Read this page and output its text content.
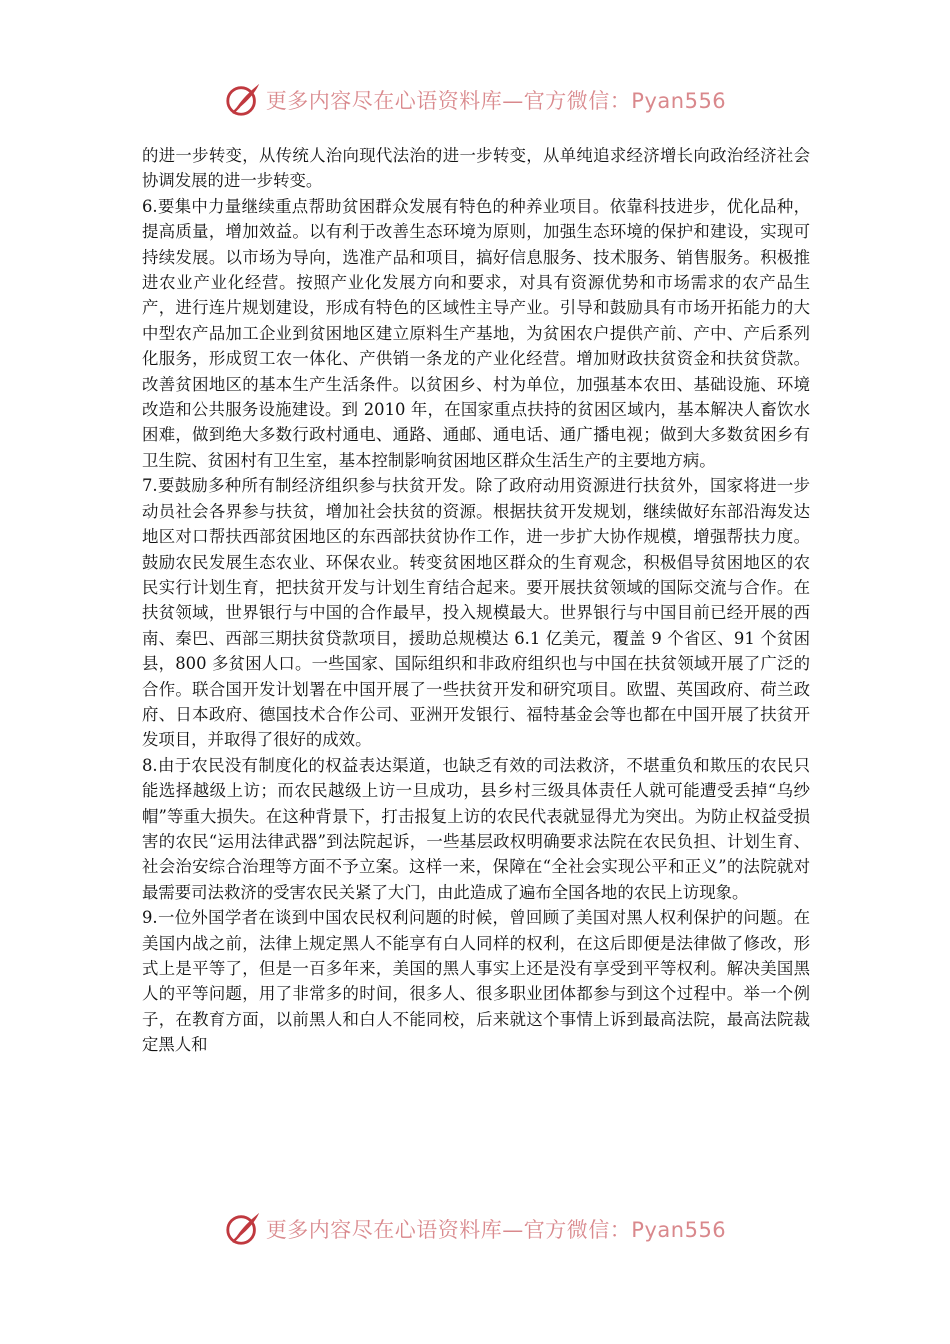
更多内容尽在心语资料库—官方微信：Pyan556

的进一步转变，从传统人治向现代法治的进一步转变，从单纯追求经济增长向政治经济社会协调发展的进一步转变。

6.要集中力量继续重点帮助贫困群众发展有特色的种养业项目。依靠科技进步，优化品种，提高质量，增加效益。以有利于改善生态环境为原则，加强生态环境的保护和建设，实现可持续发展。以市场为导向，选准产品和项目，搞好信息服务、技术服务、销售服务。积极推进农业产业化经营。按照产业化发展方向和要求，对具有资源优势和市场需求的农产品生产，进行连片规划建设，形成有特色的区域性主导产业。引导和鼓励具有市场开拓能力的大中型农产品加工企业到贫困地区建立原料生产基地，为贫困农户提供产前、产中、产后系列化服务，形成贸工农一体化、产供销一条龙的产业化经营。增加财政扶贫资金和扶贫贷款。改善贫困地区的基本生产生活条件。以贫困乡、村为单位，加强基本农田、基础设施、环境改造和公共服务设施建设。到 2010 年，在国家重点扶持的贫困区域内，基本解决人畜饮水困难，做到绝大多数行政村通电、通路、通邮、通电话、通广播电视；做到大多数贫困乡有卫生院、贫困村有卫生室，基本控制影响贫困地区群众生活生产的主要地方病。

7.要鼓励多种所有制经济组织参与扶贫开发。除了政府动用资源进行扶贫外，国家将进一步动员社会各界参与扶贫，增加社会扶贫的资源。根据扶贫开发规划，继续做好东部沿海发达地区对口帮扶西部贫困地区的东西部扶贫协作工作，进一步扩大协作规模，增强帮扶力度。鼓励农民发展生态农业、环保农业。转变贫困地区群众的生育观念，积极倡导贫困地区的农民实行计划生育，把扶贫开发与计划生育结合起来。要开展扶贫领域的国际交流与合作。在扶贫领域，世界银行与中国的合作最早，投入规模最大。世界银行与中国目前已经开展的西南、秦巴、西部三期扶贫贷款项目，援助总规模达 6.1 亿美元，覆盖 9 个省区、91 个贫困县，800 多贫困人口。一些国家、国际组织和非政府组织也与中国在扶贫领域开展了广泛的合作。联合国开发计划署在中国开展了一些扶贫开发和研究项目。欧盟、英国政府、荷兰政府、日本政府、德国技术合作公司、亚洲开发银行、福特基金会等也都在中国开展了扶贫开发项目，并取得了很好的成效。

8.由于农民没有制度化的权益表达渠道，也缺乏有效的司法救济，不堪重负和欺压的农民只能选择越级上访；而农民越级上访一旦成功，县乡村三级具体责任人就可能遭受丢掉“乌纱帽”等重大损失。在这种背景下，打击报复上访的农民代表就显得尤为突出。为防止权益受损害的农民“运用法律武器”到法院起诉，一些基层政权明确要求法院在农民负担、计划生育、社会治安综合治理等方面不予立案。这样一来，保障在“全社会实现公平和正义”的法院就对最需要司法救济的受害农民关紧了大门，由此造成了遍布全国各地的农民上访现象。

9.一位外国学者在谈到中国农民权利问题的时候，曾回顾了美国对黑人权利保护的问题。在美国内战之前，法律上规定黑人不能享有白人同样的权利，在这后即便是法律做了修改，形式上是平等了，但是一百多年来，美国的黑人事实上还是没有享受到平等权利。解决美国黑人的平等问题，用了非常多的时间，很多人、很多职业团体都参与到这个过程中。举一个例子，在教育方面，以前黑人和白人不能同校，后来就这个事情上诉到最高法院，最高法院裁定黑人和

更多内容尽在心语资料库—官方微信：Pyan556
